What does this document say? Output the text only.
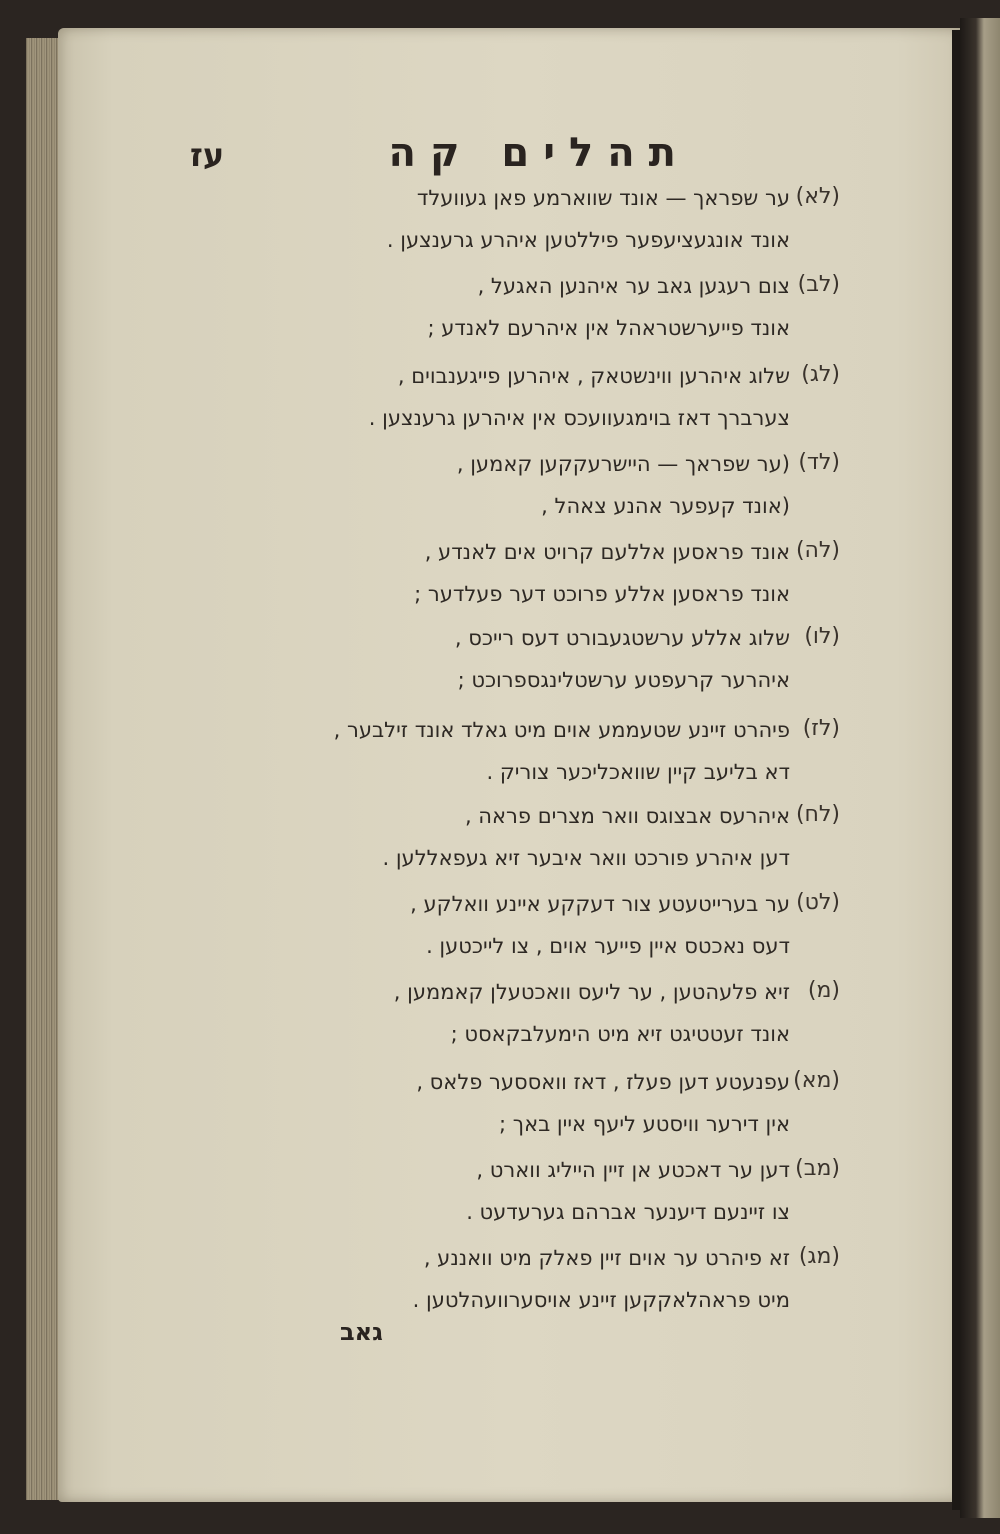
תהלים קה
עז
(לא)
ער שפראך — אונד שווארמע פאן געוועלד
אונד אונגעציעפער פיללטען איהרע גרענצען .
(לב)
צום רעגען גאב ער איהנען האגעל ,
אונד פייערשטראהל אין איהרעם לאנדע ;
(לג)
שלוג איהרען ווינשטאק , איהרען פייגענבוים ,
צערברך דאז בוימגעוועכס אין איהרען גרענצען .
(לד)
(ער שפראך — היישרעקקען קאמען ,
(אונד קעפער אהנע צאהל ,
(לה)
אונד פראסען אללעם קרויט אים לאנדע ,
אונד פראסען אללע פרוכט דער פעלדער ;
(לו)
שלוג אללע ערשטגעבורט דעס רייכס ,
איהרער קרעפטע ערשטלינגספרוכט ;
(לז)
פיהרט זיינע שטעממע אוים מיט גאלד אונד זילבער ,
דא בליעב קיין שוואכליכער צוריק .
(לח)
איהרעס אבצוגס וואר מצרים פראה ,
דען איהרע פורכט וואר איבער זיא געפאללען .
(לט)
ער בערייטעטע צור דעקקע איינע וואלקע ,
דעס נאכטס איין פייער אוים , צו לייכטען .
(מ)
זיא פלעהטען , ער ליעס וואכטעלן קאממען ,
אונד זעטטיגט זיא מיט הימעלבקאסט ;
(מא)
עפנעטע דען פעלז , דאז וואססער פלאס ,
אין דירער וויסטע ליעף איין באך ;
(מב)
דען ער דאכטע אן זיין הייליג ווארט ,
צו זיינעם דיענער אברהם גערעדעט .
(מג)
זא פיהרט ער אוים זיין פאלק מיט וואננע ,
מיט פראהלאקקען זיינע אויסערוועהלטען .
גאב
